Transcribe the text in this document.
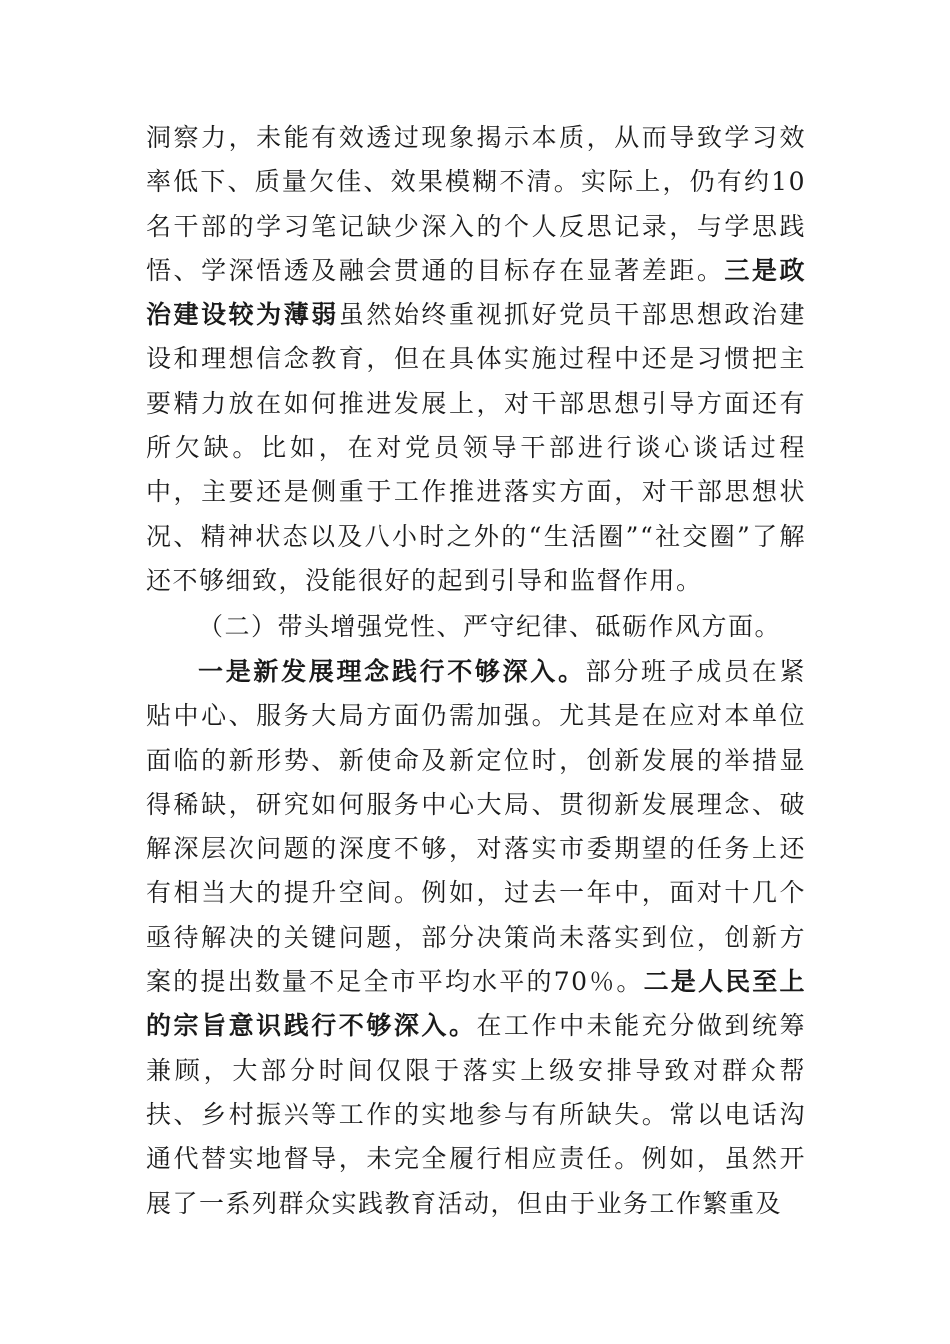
洞察力，未能有效透过现象揭示本质，从而导致学习效率低下、质量欠佳、效果模糊不清。实际上，仍有约10名干部的学习笔记缺少深入的个人反思记录，与学思践悟、学深悟透及融会贯通的目标存在显著差距。三是政治建设较为薄弱虽然始终重视抓好党员干部思想政治建设和理想信念教育，但在具体实施过程中还是习惯把主要精力放在如何推进发展上，对干部思想引导方面还有所欠缺。比如，在对党员领导干部进行谈心谈话过程中，主要还是侧重于工作推进落实方面，对干部思想状况、精神状态以及八小时之外的“生活圈”“社交圈”了解还不够细致，没能很好的起到引导和监督作用。

（二）带头增强党性、严守纪律、砥砺作风方面。

一是新发展理念践行不够深入。部分班子成员在紧贴中心、服务大局方面仍需加强。尤其是在应对本单位面临的新形势、新使命及新定位时，创新发展的举措显得稀缺，研究如何服务中心大局、贯彻新发展理念、破解深层次问题的深度不够，对落实市委期望的任务上还有相当大的提升空间。例如，过去一年中，面对十几个亟待解决的关键问题，部分决策尚未落实到位，创新方案的提出数量不足全市平均水平的70％。二是人民至上的宗旨意识践行不够深入。在工作中未能充分做到统筹兼顾，大部分时间仅限于落实上级安排导致对群众帮扶、乡村振兴等工作的实地参与有所缺失。常以电话沟通代替实地督导，未完全履行相应责任。例如，虽然开展了一系列群众实践教育活动，但由于业务工作繁重及
